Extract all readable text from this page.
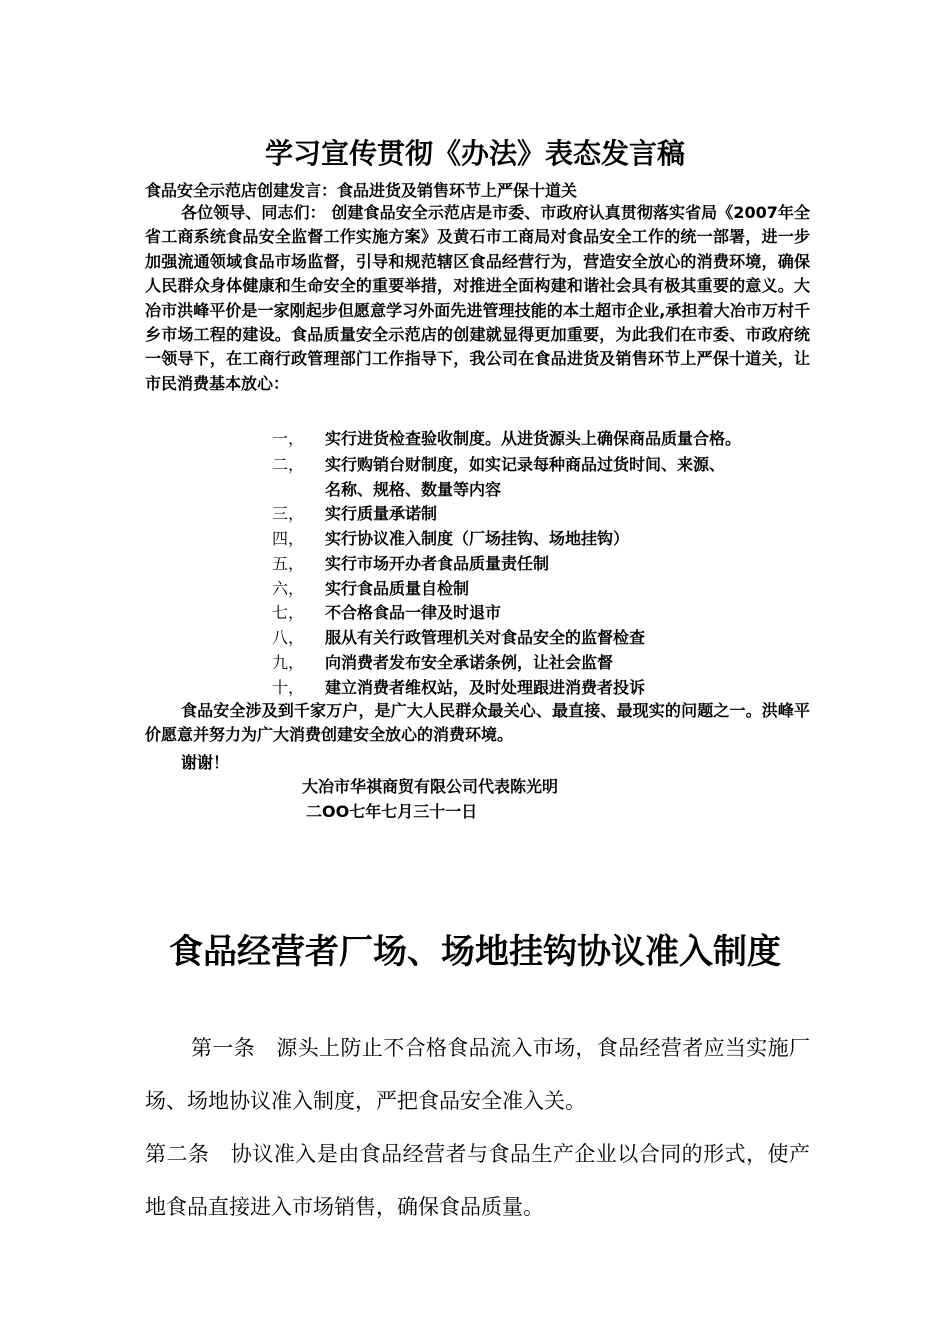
学习宣传贯彻《办法》表态发言稿
食品安全示范店创建发言：食品进货及销售环节上严保十道关
各位领导、同志们： 创建食品安全示范店是市委、市政府认真贯彻落实省局《2007年全省工商系统食品安全监督工作实施方案》及黄石市工商局对食品安全工作的统一部署，进一步加强流通领域食品市场监督，引导和规范辖区食品经营行为，营造安全放心的消费环境，确保人民群众身体健康和生命安全的重要举措，对推进全面构建和谐社会具有极其重要的意义。大冶市洪峰平价是一家刚起步但愿意学习外面先进管理技能的本土超市企业,承担着大冶市万村千乡市场工程的建设。食品质量安全示范店的创建就显得更加重要，为此我们在市委、市政府统一领导下，在工商行政管理部门工作指导下，我公司在食品进货及销售环节上严保十道关，让市民消费基本放心：
一，	实行进货检查验收制度。从进货源头上确保商品质量合格。
二，	实行购销台财制度，如实记录每种商品过货时间、来源、
名称、规格、数量等内容
三，	实行质量承诺制
四，	实行协议准入制度（厂场挂钩、场地挂钩）
五，	实行市场开办者食品质量责任制
六，	实行食品质量自检制
七，	不合格食品一律及时退市
八，	服从有关行政管理机关对食品安全的监督检查
九，	向消费者发布安全承诺条例，让社会监督
十，	建立消费者维权站，及时处理跟进消费者投诉
食品安全涉及到千家万户，是广大人民群众最关心、最直接、最现实的问题之一。洪峰平价愿意并努力为广大消费创建安全放心的消费环境。
谢谢！
大冶市华祺商贸有限公司代表陈光明
二OO七年七月三十一日
食品经营者厂场、场地挂钩协议准入制度
第一条　源头上防止不合格食品流入市场，食品经营者应当实施厂场、场地协议准入制度，严把食品安全准入关。
第二条　协议准入是由食品经营者与食品生产企业以合同的形式，使产地食品直接进入市场销售，确保食品质量。
